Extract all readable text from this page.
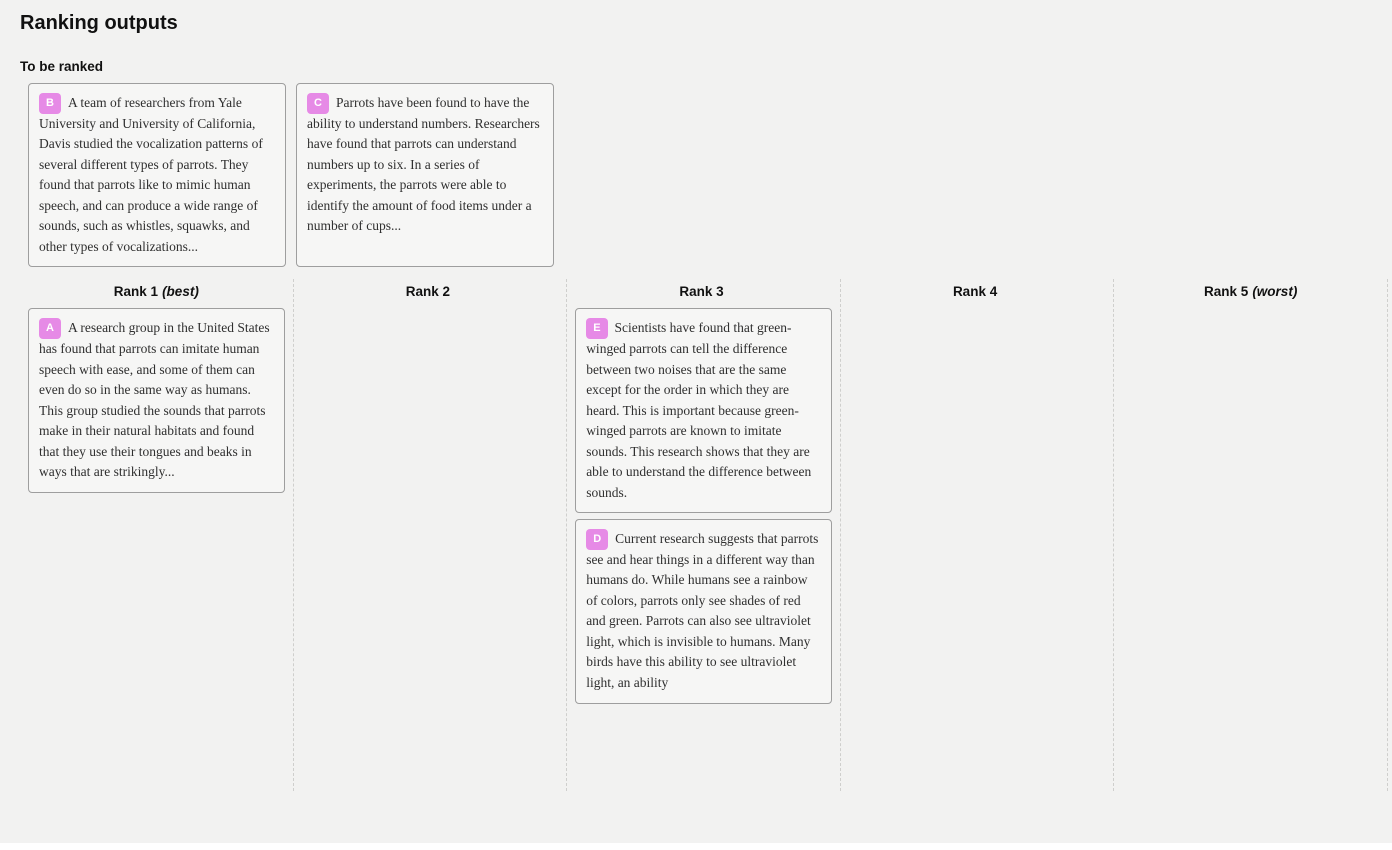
Ranking outputs
To be ranked
B A team of researchers from Yale University and University of California, Davis studied the vocalization patterns of several different types of parrots. They found that parrots like to mimic human speech, and can produce a wide range of sounds, such as whistles, squawks, and other types of vocalizations...
C Parrots have been found to have the ability to understand numbers. Researchers have found that parrots can understand numbers up to six. In a series of experiments, the parrots were able to identify the amount of food items under a number of cups...
Rank 1 (best)
A A research group in the United States has found that parrots can imitate human speech with ease, and some of them can even do so in the same way as humans. This group studied the sounds that parrots make in their natural habitats and found that they use their tongues and beaks in ways that are strikingly...
Rank 2	Rank 3
E Scientists have found that green-winged parrots can tell the difference between two noises that are the same except for the order in which they are heard. This is important because green-winged parrots are known to imitate sounds. This research shows that they are able to understand the difference between sounds.
D Current research suggests that parrots see and hear things in a different way than humans do. While humans see a rainbow of colors, parrots only see shades of red and green. Parrots can also see ultraviolet light, which is invisible to humans. Many birds have this ability to see ultraviolet light, an ability
Rank 4	Rank 5 (worst)
